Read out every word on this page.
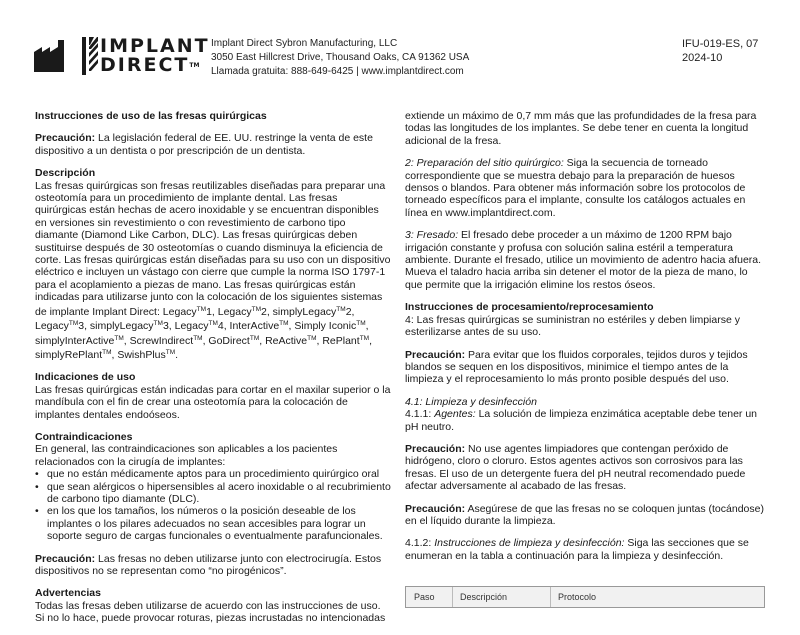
IMPLANT
DIRECT™
Implant Direct Sybron Manufacturing, LLC
3050 East Hillcrest Drive, Thousand Oaks, CA 91362 USA
Llamada gratuita: 888-649-6425 | www.implantdirect.com
IFU-019-ES, 07
2024-10

Instrucciones de uso de las fresas quirúrgicas

Precaución: La legislación federal de EE. UU. restringe la venta de este dispositivo a un dentista o por prescripción de un dentista.

Descripción
Las fresas quirúrgicas son fresas reutilizables diseñadas para preparar una osteotomía para un procedimiento de implante dental. Las fresas quirúrgicas están hechas de acero inoxidable y se encuentran disponibles en versiones sin revestimiento o con revestimiento de carbono tipo diamante (Diamond Like Carbon, DLC). Las fresas quirúrgicas deben sustituirse después de 30 osteotomías o cuando disminuya la eficiencia de corte. Las fresas quirúrgicas están diseñadas para su uso con un dispositivo eléctrico e incluyen un vástago con cierre que cumple la norma ISO 1797-1 para el acoplamiento a piezas de mano. Las fresas quirúrgicas están indicadas para utilizarse junto con la colocación de los siguientes sistemas de implante Implant Direct: Legacy™1, Legacy™2, simplyLegacy™2, Legacy™3, simplyLegacy™3, Legacy™4, InterActive™, Simply Iconic™, simplyInterActive™, ScrewIndirect™, GoDirect™, ReActive™, RePlant™, simplyRePlant™, SwishPlus™.

Indicaciones de uso
Las fresas quirúrgicas están indicadas para cortar en el maxilar superior o la mandíbula con el fin de crear una osteotomía para la colocación de implantes dentales endoóseos.

Contraindicaciones
En general, las contraindicaciones son aplicables a los pacientes relacionados con la cirugía de implantes:
• que no están médicamente aptos para un procedimiento quirúrgico oral
• que sean alérgicos o hipersensibles al acero inoxidable o al recubrimiento de carbono tipo diamante (DLC).
• en los que los tamaños, los números o la posición deseable de los implantes o los pilares adecuados no sean accesibles para lograr un soporte seguro de cargas funcionales o eventualmente parafuncionales.

Precaución: Las fresas no deben utilizarse junto con electrocirugía. Estos dispositivos no se representan como “no pirogénicos”.

Advertencias
Todas las fresas deben utilizarse de acuerdo con las instrucciones de uso. Si no lo hace, puede provocar roturas, piezas incrustadas no intencionadas

extiende un máximo de 0,7 mm más que las profundidades de la fresa para todas las longitudes de los implantes. Se debe tener en cuenta la longitud adicional de la fresa.

2: Preparación del sitio quirúrgico: Siga la secuencia de torneado correspondiente que se muestra debajo para la preparación de huesos densos o blandos. Para obtener más información sobre los protocolos de torneado específicos para el implante, consulte los catálogos actuales en línea en www.implantdirect.com.

3: Fresado: El fresado debe proceder a un máximo de 1200 RPM bajo irrigación constante y profusa con solución salina estéril a temperatura ambiente. Durante el fresado, utilice un movimiento de adentro hacia afuera. Mueva el taladro hacia arriba sin detener el motor de la pieza de mano, lo que permite que la irrigación elimine los restos óseos.

Instrucciones de procesamiento/reprocesamiento
4: Las fresas quirúrgicas se suministran no estériles y deben limpiarse y esterilizarse antes de su uso.

Precaución: Para evitar que los fluidos corporales, tejidos duros y tejidos blandos se sequen en los dispositivos, minimice el tiempo antes de la limpieza y el reprocesamiento lo más pronto posible después del uso.

4.1: Limpieza y desinfección
4.1.1: Agentes: La solución de limpieza enzimática aceptable debe tener un pH neutro.

Precaución: No use agentes limpiadores que contengan peróxido de hidrógeno, cloro o cloruro. Estos agentes activos son corrosivos para las fresas. El uso de un detergente fuera del pH neutral recomendado puede afectar adversamente al acabado de las fresas.

Precaución: Asegúrese de que las fresas no se coloquen juntas (tocándose) en el líquido durante la limpieza.

4.1.2: Instrucciones de limpieza y desinfección: Siga las secciones que se enumeran en la tabla a continuación para la limpieza y desinfección.

Paso	Descripción	Protocolo
